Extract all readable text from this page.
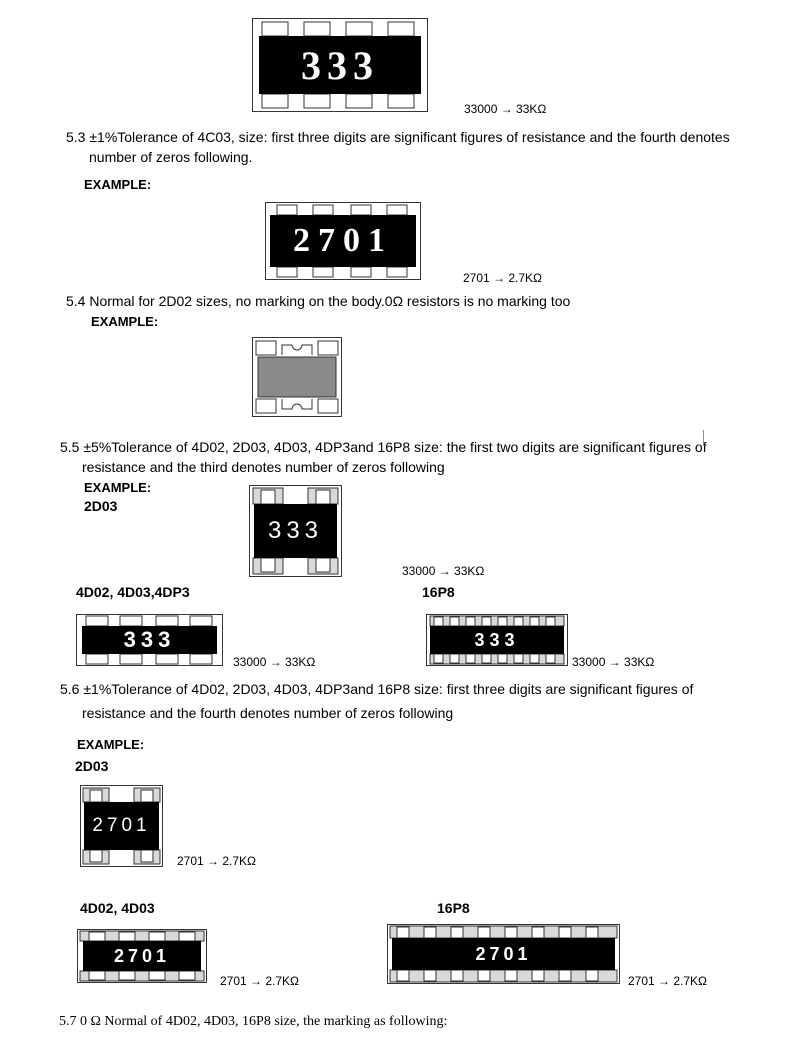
333
33000 → 33KΩ
5.3 ±1%Tolerance of 4C03, size: first three digits are significant figures of resistance and the fourth denotes
number of zeros following.
EXAMPLE:
2701
2701 → 2.7KΩ
5.4 Normal for 2D02 sizes, no marking on the body.0Ω resistors is no marking too
EXAMPLE:
5.5 ±5%Tolerance of 4D02, 2D03, 4D03, 4DP3and 16P8 size: the first two digits are significant figures of
resistance and the third denotes number of zeros following
EXAMPLE:
2D03
333
33000 → 33KΩ
4D02, 4D03,4DP3	16P8
333
33000 → 33KΩ
333
33000 → 33KΩ
5.6 ±1%Tolerance of 4D02, 2D03, 4D03, 4DP3and 16P8 size: first three digits are significant figures of
resistance and the fourth denotes number of zeros following
EXAMPLE:
2D03
2701
2701 → 2.7KΩ
4D02, 4D03	16P8
2701
2701 → 2.7KΩ
2701
2701 → 2.7KΩ
5.7 0 Ω Normal of 4D02, 4D03, 16P8 size, the marking as following:
